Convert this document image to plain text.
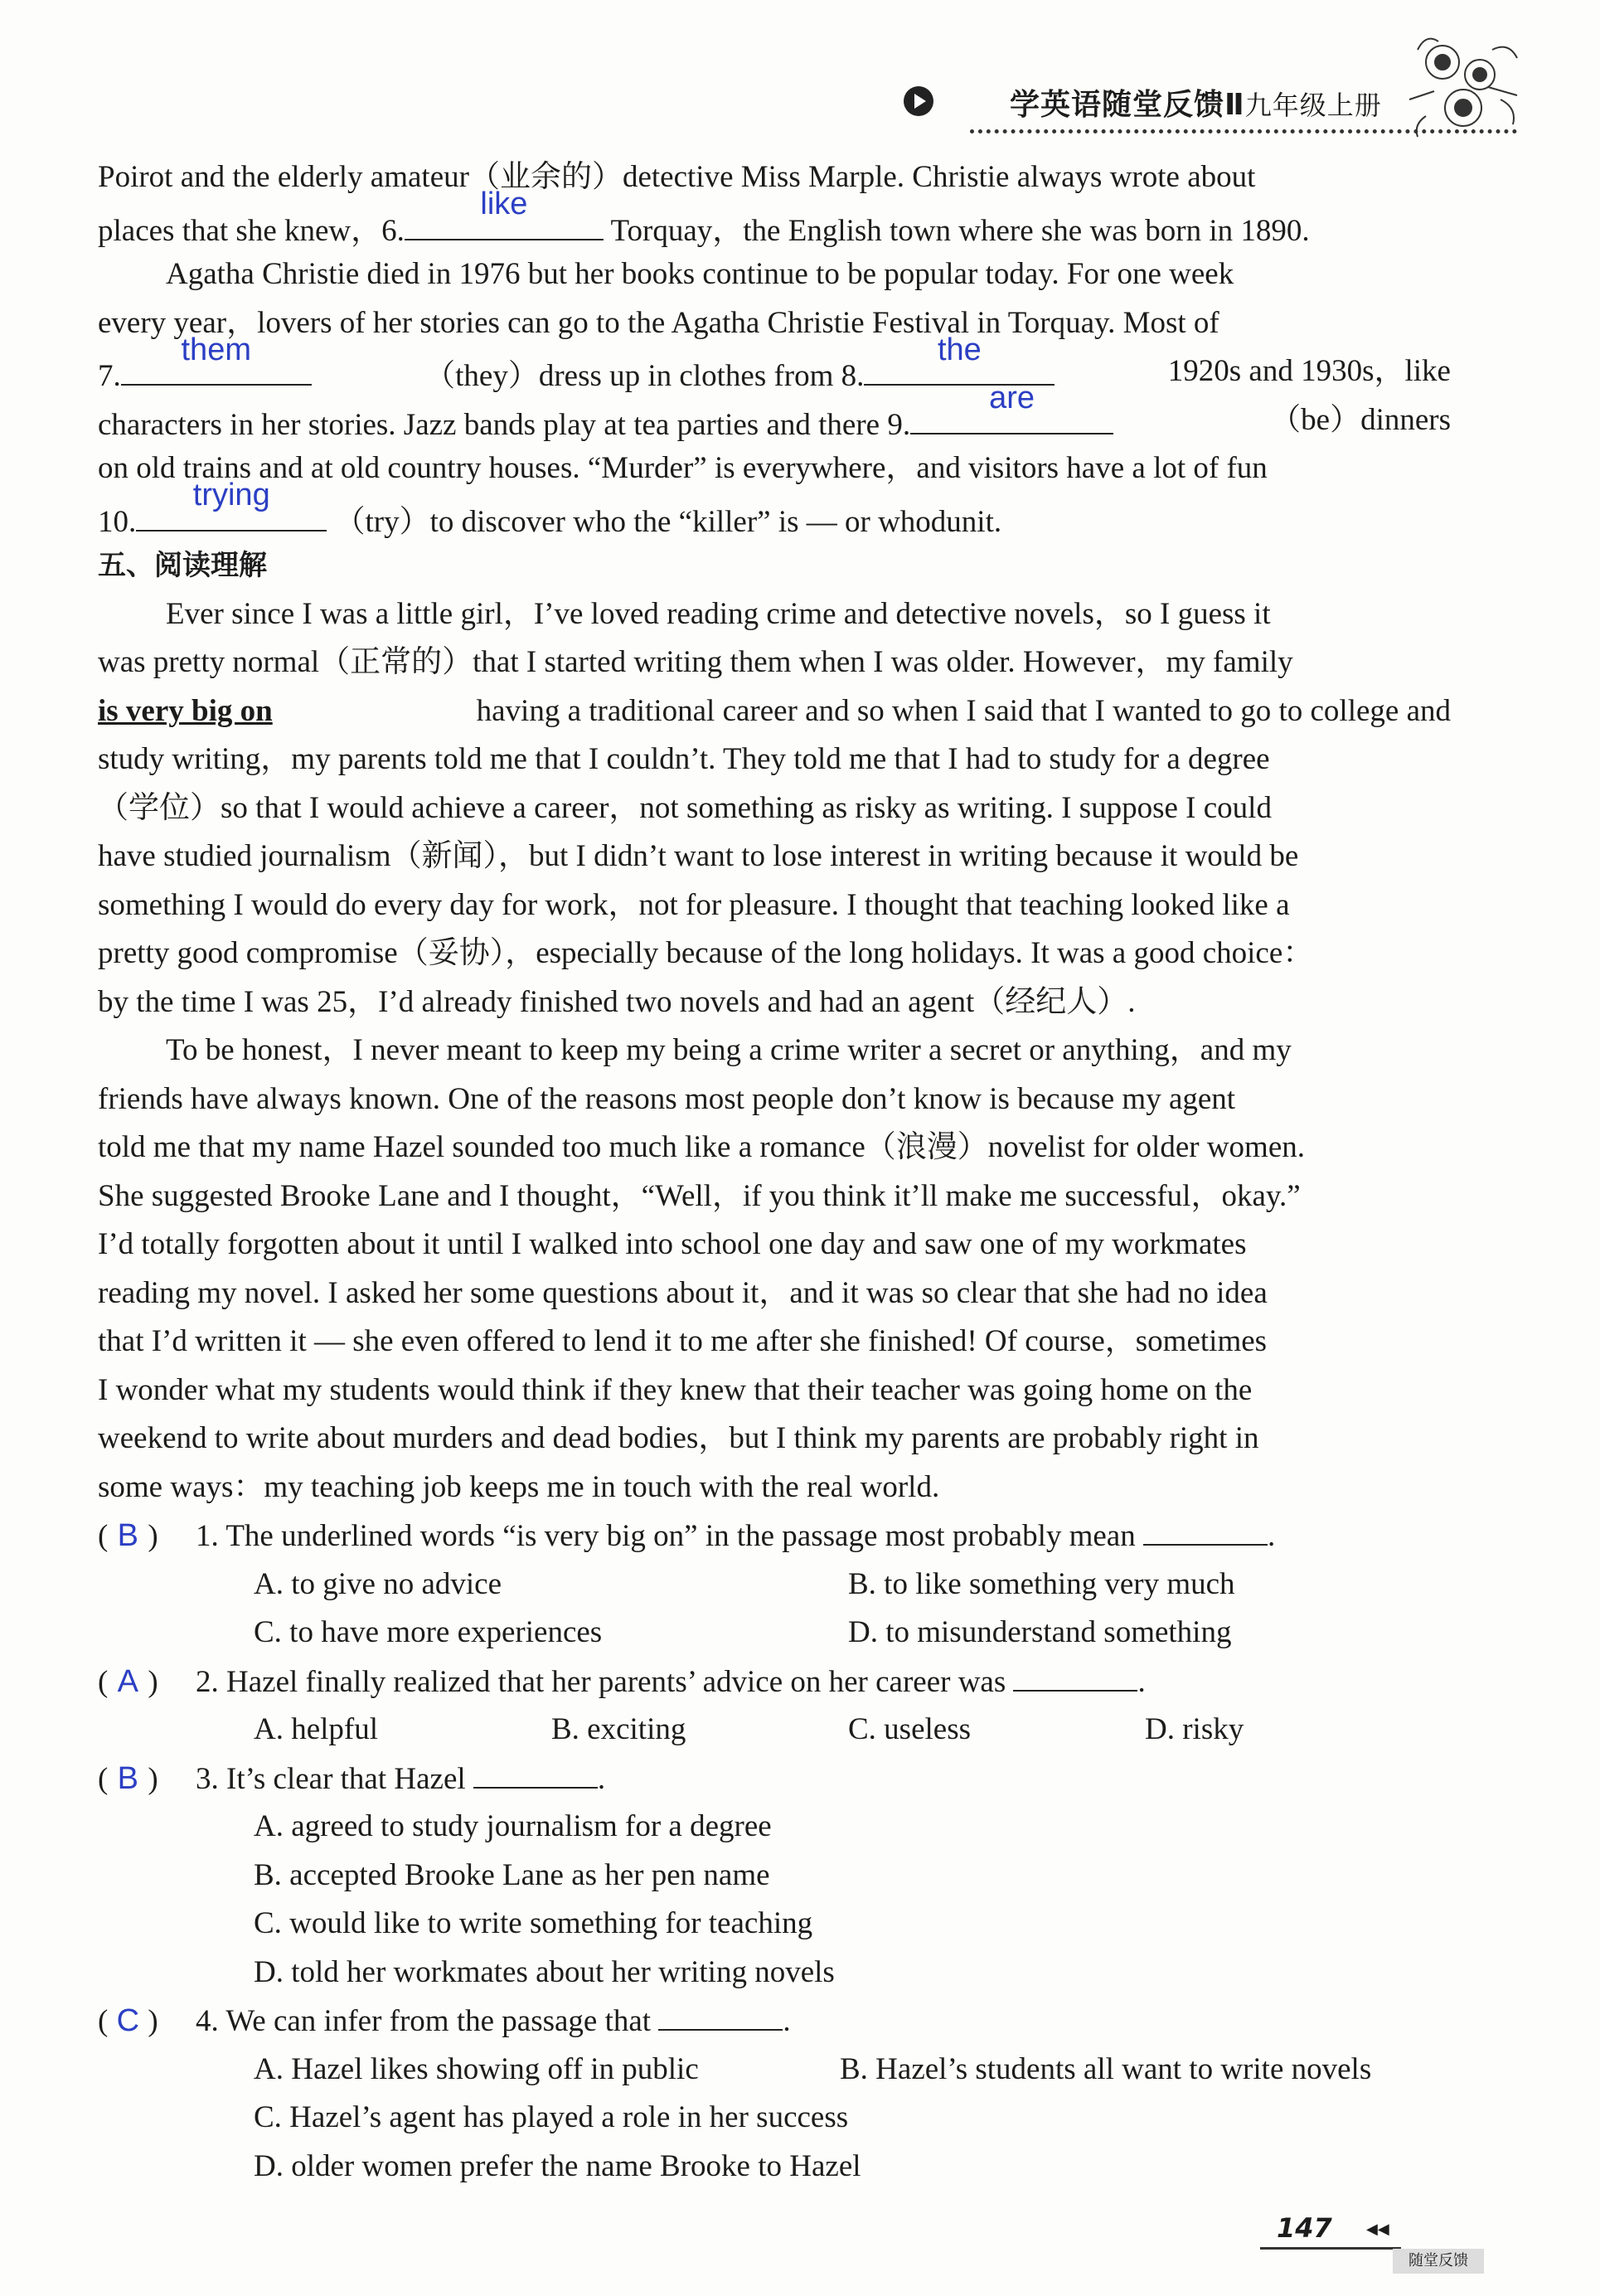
学英语随堂反馈Ⅱ九年级上册
Poirot and the elderly amateur（业余的）detective Miss Marple. Christie always wrote about
places that she knew，6.
like
Torquay，the English town where she was born in 1890.
Agatha Christie died in 1976 but her books continue to be popular today. For one week
every year，lovers of her stories can go to the Agatha Christie Festival in Torquay. Most of
7.
them
（they）dress up in clothes from 8.
the
1920s and 1930s，like
characters in her stories. Jazz bands play at tea parties and there 9.
are
（be）dinners
on old trains and at old country houses. “Murder” is everywhere，and visitors have a lot of fun
10.
trying
（try）to discover who the “killer” is — or whodunit.
五、阅读理解
Ever since I was a little girl，I’ve loved reading crime and detective novels，so I guess it
was pretty normal（正常的）that I started writing them when I was older. However，my family
is very big on	having a traditional career and so when I said that I wanted to go to college and
study writing，my parents told me that I couldn’t. They told me that I had to study for a degree
（学位）so that I would achieve a career，not something as risky as writing. I suppose I could
have studied journalism（新闻），but I didn’t want to lose interest in writing because it would be
something I would do every day for work，not for pleasure. I thought that teaching looked like a
pretty good compromise（妥协），especially because of the long holidays. It was a good choice：
by the time I was 25，I’d already finished two novels and had an agent（经纪人）.
To be honest，I never meant to keep my being a crime writer a secret or anything，and my
friends have always known. One of the reasons most people don’t know is because my agent
told me that my name Hazel sounded too much like a romance（浪漫）novelist for older women.
She suggested Brooke Lane and I thought，“Well，if you think it’ll make me successful，okay.”
I’d totally forgotten about it until I walked into school one day and saw one of my workmates
reading my novel. I asked her some questions about it，and it was so clear that she had no idea
that I’d written it — she even offered to lend it to me after she finished! Of course，sometimes
I wonder what my students would think if they knew that their teacher was going home on the
weekend to write about murders and dead bodies，but I think my parents are probably right in
some ways：my teaching job keeps me in touch with the real world.
( B ) 1. The underlined words “is very big on” in the passage most probably mean	.
A. to give no advice	B. to like something very much
C. to have more experiences	D. to misunderstand something
( A ) 2. Hazel finally realized that her parents’ advice on her career was	.
A. helpful	B. exciting	C. useless	D. risky
( B ) 3. It’s clear that Hazel	.
A. agreed to study journalism for a degree
B. accepted Brooke Lane as her pen name
C. would like to write something for teaching
D. told her workmates about her writing novels
( C ) 4. We can infer from the passage that	.
A. Hazel likes showing off in public	B. Hazel’s students all want to write novels
C. Hazel’s agent has played a role in her success
D. older women prefer the name Brooke to Hazel
147 ◀◀
随堂反馈
